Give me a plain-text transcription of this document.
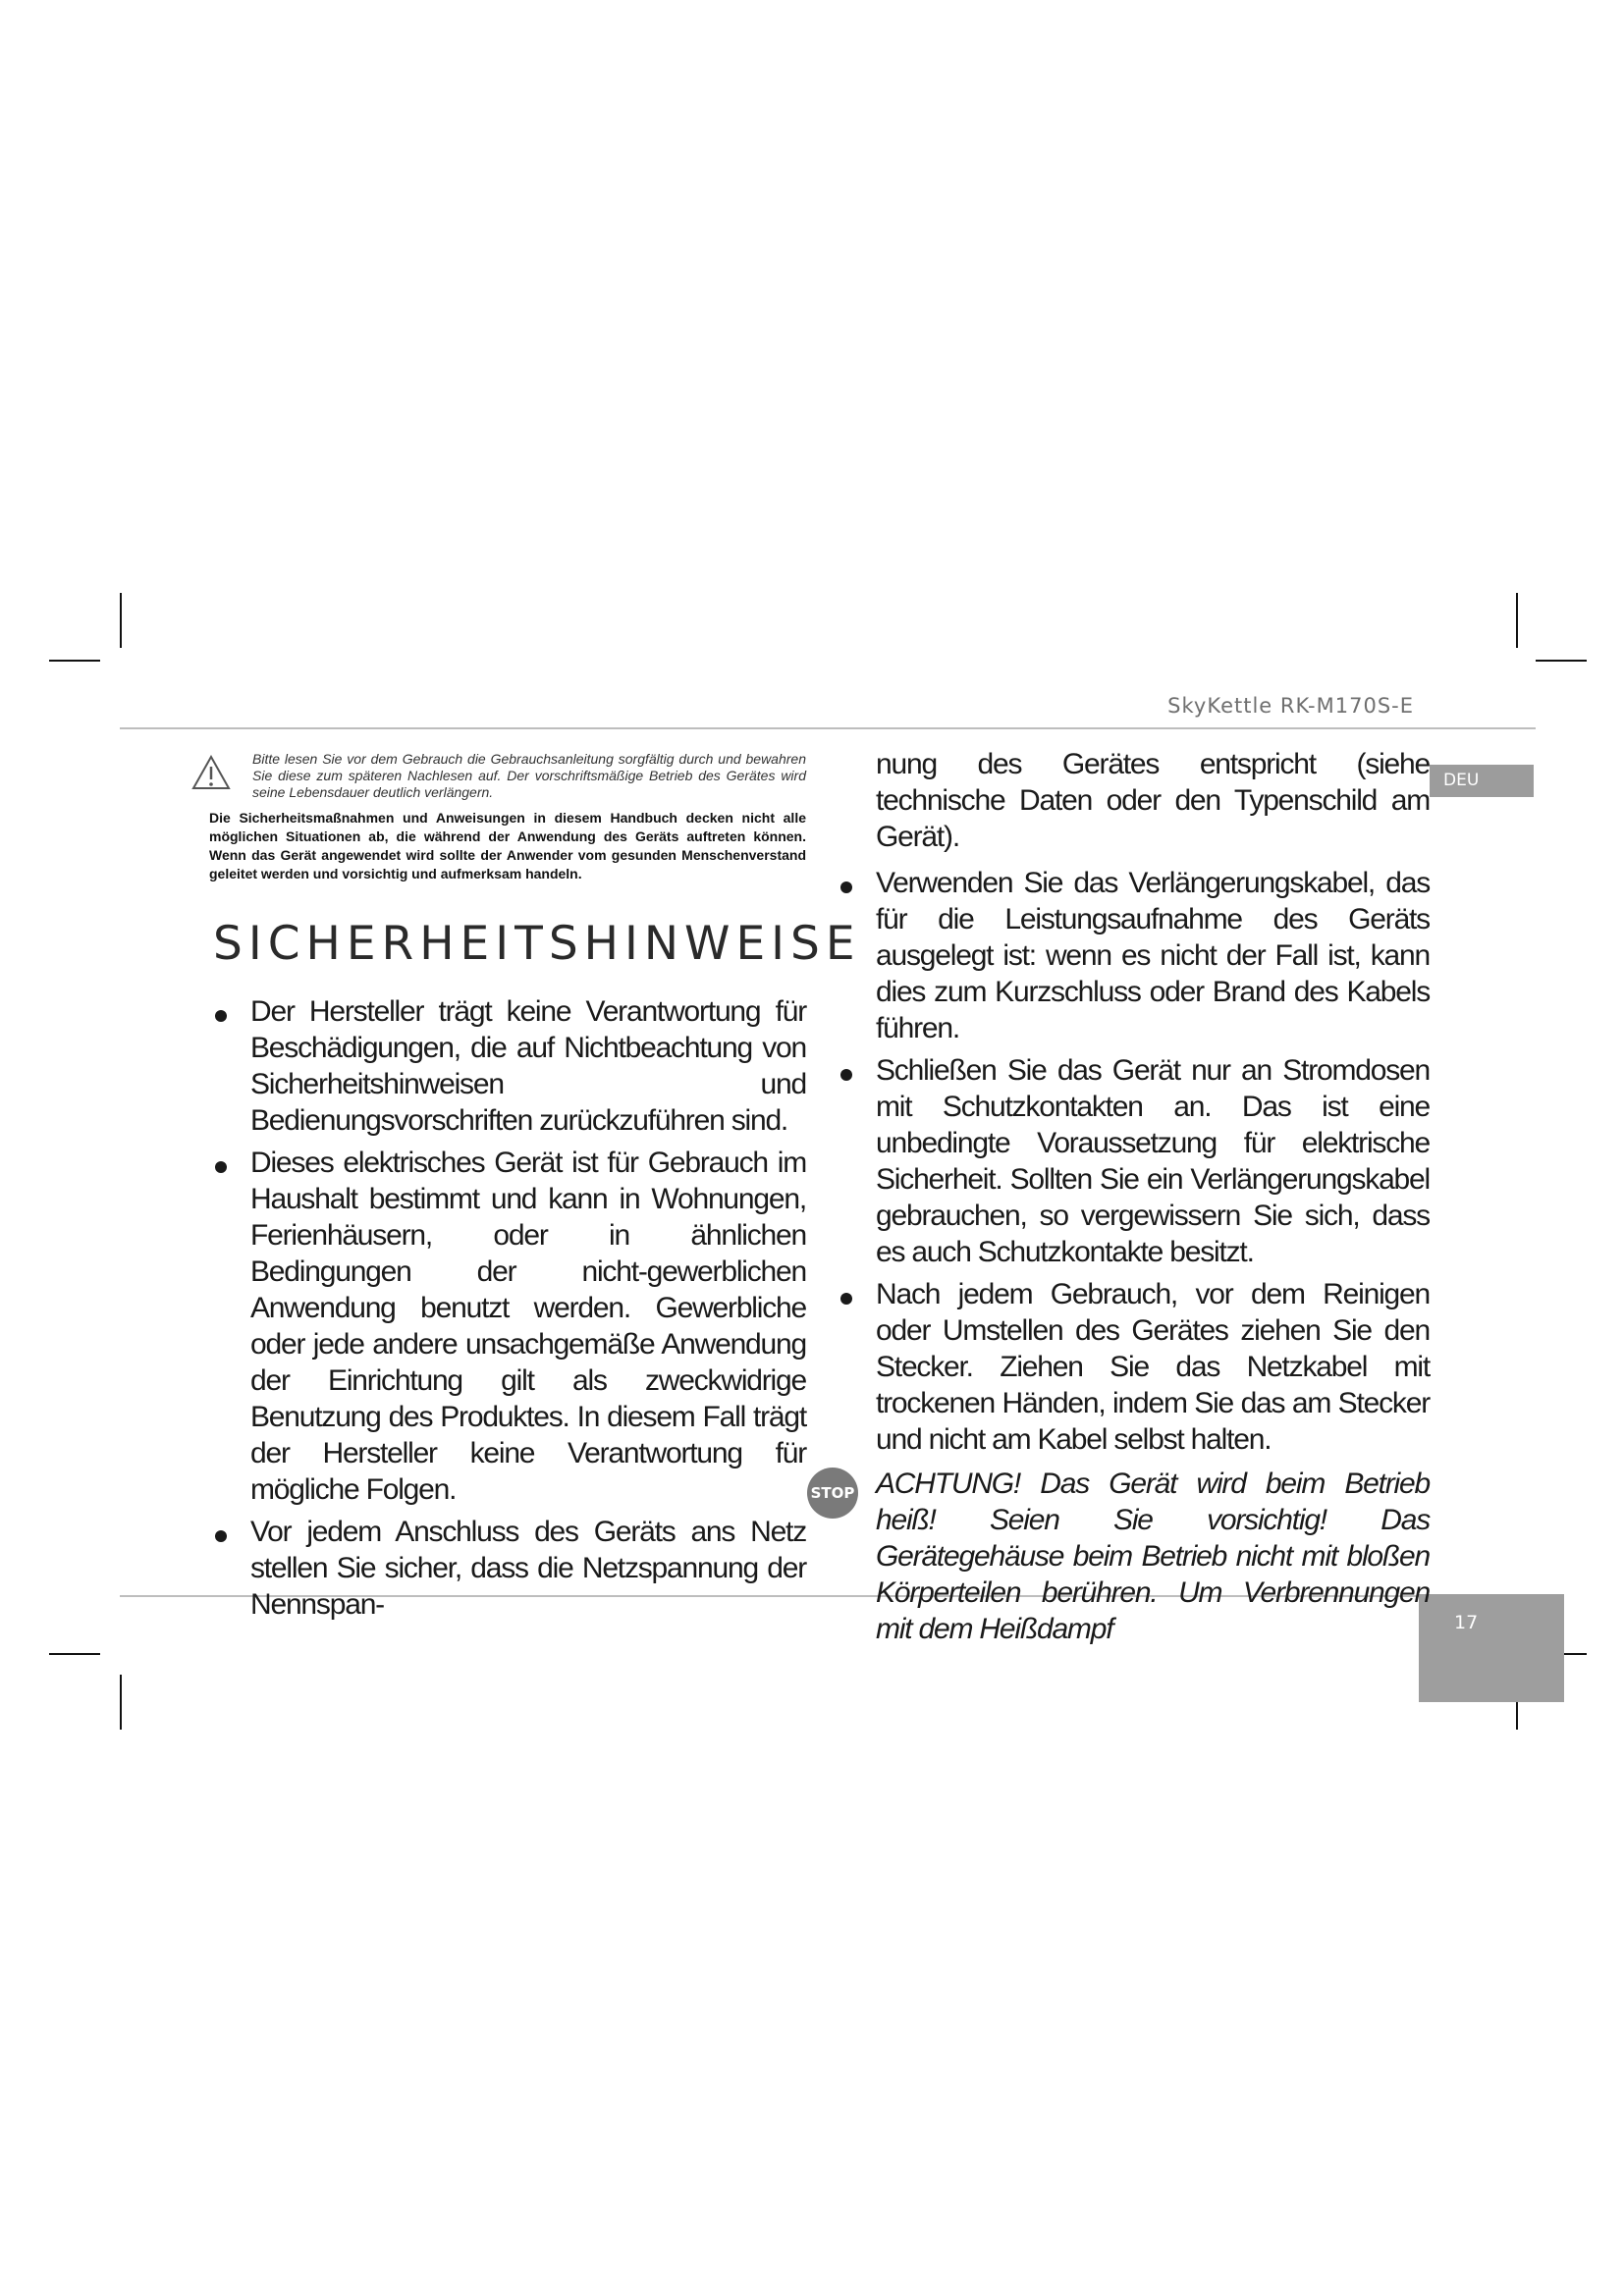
SkyKettle RK-M170S-E
DEU
17

Bitte lesen Sie vor dem Gebrauch die Gebrauchsanleitung sorgfältig durch und bewahren Sie diese zum späteren Nachlesen auf. Der vorschriftsmäßige Betrieb des Gerätes wird seine Lebensdauer deutlich verlängern.

Die Sicherheitsmaßnahmen und Anweisungen in diesem Handbuch decken nicht alle möglichen Situationen ab, die während der Anwendung des Geräts auftreten können. Wenn das Gerät angewendet wird sollte der Anwender vom gesunden Menschenverstand geleitet werden und vorsichtig und aufmerksam handeln.

SICHERHEITSHINWEISE
Der Hersteller trägt keine Verantwortung für Beschädigungen, die auf Nichtbeachtung von Sicherheitshinweisen und Bedienungsvorschriften zurückzuführen sind.
Dieses elektrisches Gerät ist für Gebrauch im Haushalt bestimmt und kann in Wohnungen, Ferienhäusern, oder in ähnlichen Bedingungen der nicht-gewerblichen Anwendung benutzt werden. Gewerbliche oder jede andere unsachgemäße Anwendung der Einrichtung gilt als zweckwidrige Benutzung des Produktes. In diesem Fall trägt der Hersteller keine Verantwortung für mögliche Folgen.
Vor jedem Anschluss des Geräts ans Netz stellen Sie sicher, dass die Netzspannung der Nennspan-
nung des Gerätes entspricht (siehe technische Daten oder den Typenschild am Gerät).
Verwenden Sie das Verlängerungskabel, das für die Leistungsaufnahme des Geräts ausgelegt ist: wenn es nicht der Fall ist, kann dies zum Kurzschluss oder Brand des Kabels führen.
Schließen Sie das Gerät nur an Stromdosen mit Schutzkontakten an. Das ist eine unbedingte Voraussetzung für elektrische Sicherheit. Sollten Sie ein Verlängerungskabel gebrauchen, so vergewissern Sie sich, dass es auch Schutzkontakte besitzt.
Nach jedem Gebrauch, vor dem Reinigen oder Umstellen des Gerätes ziehen Sie den Stecker. Ziehen Sie das Netzkabel mit trockenen Händen, indem Sie das am Stecker und nicht am Kabel selbst halten.
STOP ACHTUNG! Das Gerät wird beim Betrieb heiß! Seien Sie vorsichtig! Das Gerätegehäuse beim Betrieb nicht mit bloßen Körperteilen berühren. Um Verbrennungen mit dem Heißdampf
